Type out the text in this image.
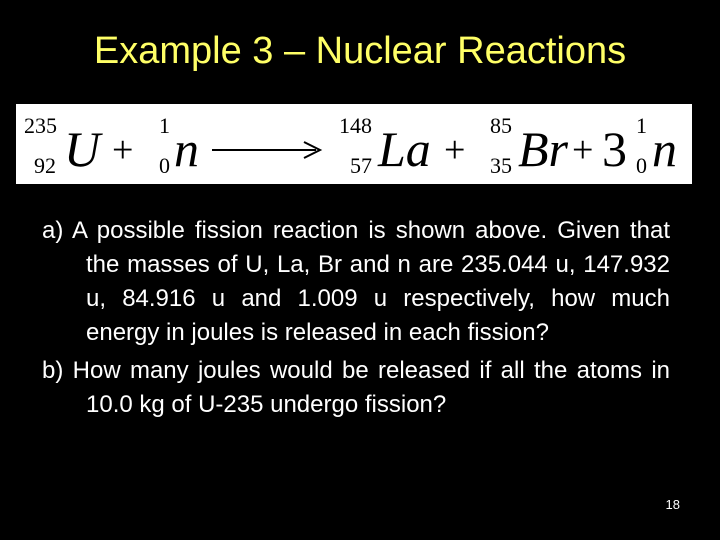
Example 3 – Nuclear Reactions
235
92 U +
1
0 n	148
57 La +
85
35 Br + 3 1
0 n
a) A possible fission reaction is shown above. Given that the masses of U, La, Br and n are 235.044 u, 147.932 u, 84.916 u and 1.009 u respectively, how much energy in joules is released in each fission?
b) How many joules would be released if all the atoms in 10.0 kg of U-235 undergo fission?
18
